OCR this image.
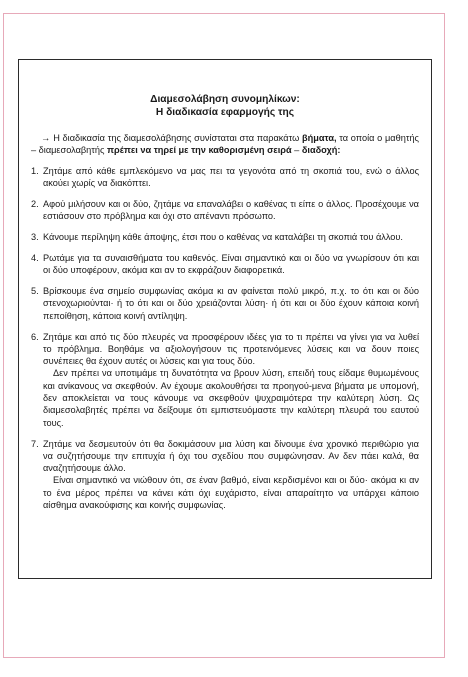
Διαμεσολάβηση συνομηλίκων:
Η διαδικασία εφαρμογής της
→ Η διαδικασία της διαμεσολάβησης συνίσταται στα παρακάτω βήματα, τα οποία ο μαθητής – διαμεσολαβητής πρέπει να τηρεί με την καθορισμένη σειρά – διαδοχή:
1. Ζητάμε από κάθε εμπλεκόμενο να μας πει τα γεγονότα από τη σκοπιά του, ενώ ο άλλος ακούει χωρίς να διακόπτει.
2. Αφού μιλήσουν και οι δύο, ζητάμε να επαναλάβει ο καθένας τι είπε ο άλλος. Προσέχουμε να εστιάσουν στο πρόβλημα και όχι στο απέναντι πρόσωπο.
3. Κάνουμε περίληψη κάθε άποψης, έτσι που ο καθένας να καταλάβει τη σκοπιά του άλλου.
4. Ρωτάμε για τα συναισθήματα του καθενός. Είναι σημαντικό και οι δύο να γνωρίσουν ότι και οι δύο υποφέρουν, ακόμα και αν το εκφράζουν διαφορετικά.
5. Βρίσκουμε ένα σημείο συμφωνίας ακόμα κι αν φαίνεται πολύ μικρό, π.χ. το ότι και οι δύο στενοχωριούνται· ή το ότι και οι δύο χρειάζονται λύση· ή ότι και οι δύο έχουν κάποια κοινή πεποίθηση, κάποια κοινή αντίληψη.
6. Ζητάμε και από τις δύο πλευρές να προσφέρουν ιδέες για το τι πρέπει να γίνει για να λυθεί το πρόβλημα. Βοηθάμε να αξιολογήσουν τις προτεινόμενες λύσεις και να δουν ποιες συνέπειες θα έχουν αυτές οι λύσεις και για τους δύο.
Δεν πρέπει να υποτιμάμε τη δυνατότητα να βρουν λύση, επειδή τους είδαμε θυμωμένους και ανίκανους να σκεφθούν. Αν έχουμε ακολουθήσει τα προηγού-μενα βήματα με υπομονή, δεν αποκλείεται να τους κάνουμε να σκεφθούν ψυχραιμότερα την καλύτερη λύση. Ως διαμεσολαβητές πρέπει να δείξουμε ότι εμπιστευόμαστε την καλύτερη πλευρά του εαυτού τους.
7. Ζητάμε να δεσμευτούν ότι θα δοκιμάσουν μια λύση και δίνουμε ένα χρονικό περιθώριο για να συζητήσουμε την επιτυχία ή όχι του σχεδίου που συμφώνησαν. Αν δεν πάει καλά, θα αναζητήσουμε άλλο.
Είναι σημαντικό να νιώθουν ότι, σε έναν βαθμό, είναι κερδισμένοι και οι δύο· ακόμα κι αν το ένα μέρος πρέπει να κάνει κάτι όχι ευχάριστο, είναι απαραίτητο να υπάρχει κάποιο αίσθημα ανακούφισης και κοινής συμφωνίας.
